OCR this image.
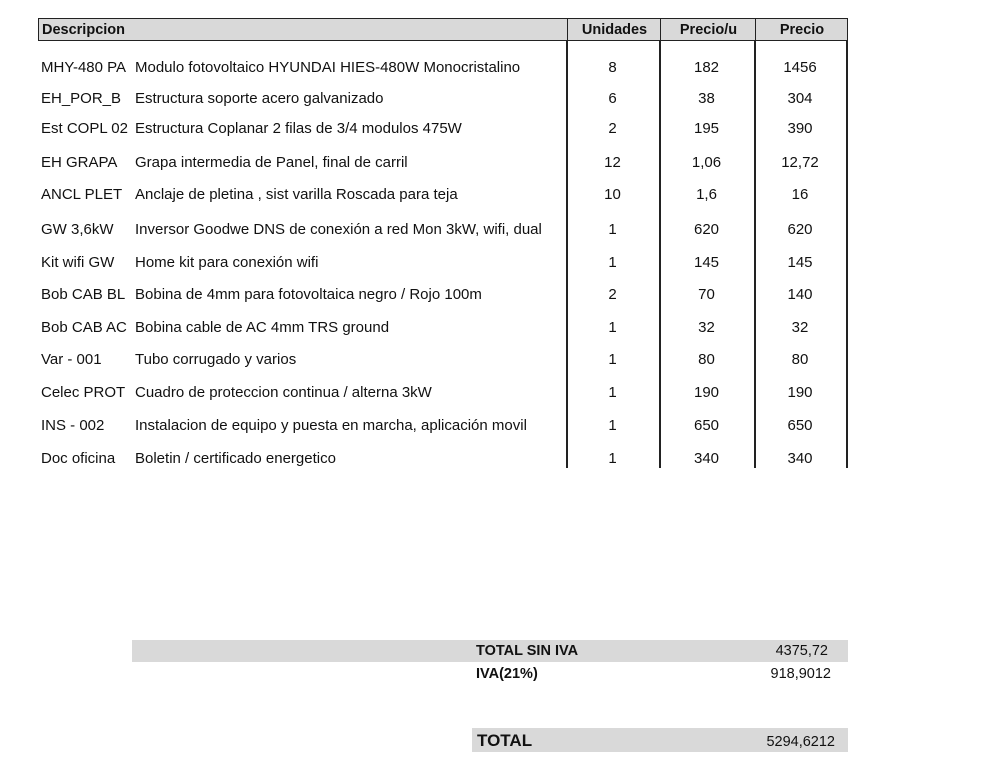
Descripcion	Unidades	Precio/u	Precio
MHY-480 PA Modulo fotovoltaico HYUNDAI HIES-480W Monocristalino	8	182	1456
EH_POR_B Estructura soporte acero galvanizado	6	38	304
Est COPL 02 Estructura Coplanar 2 filas de 3/4 modulos 475W	2	195	390
EH GRAPA Grapa intermedia de Panel, final de carril	12	1,06	12,72
ANCL PLET Anclaje de pletina , sist varilla Roscada para teja	10	1,6	16
GW 3,6kW Inversor Goodwe DNS de conexión a red Mon 3kW, wifi, dual	1	620	620
Kit wifi GW Home kit para conexión wifi	1	145	145
Bob CAB BL Bobina de 4mm para fotovoltaica negro / Rojo 100m	2	70	140
Bob CAB AC Bobina cable de AC 4mm TRS ground	1	32	32
Var - 001 Tubo corrugado y varios	1	80	80
Celec PROT Cuadro de proteccion continua / alterna 3kW	1	190	190
INS - 002 Instalacion de equipo y puesta en marcha, aplicación movil	1	650	650
Doc oficina Boletin / certificado energetico	1	340	340
TOTAL SIN IVA	4375,72
IVA(21%)	918,9012
TOTAL	5294,6212
